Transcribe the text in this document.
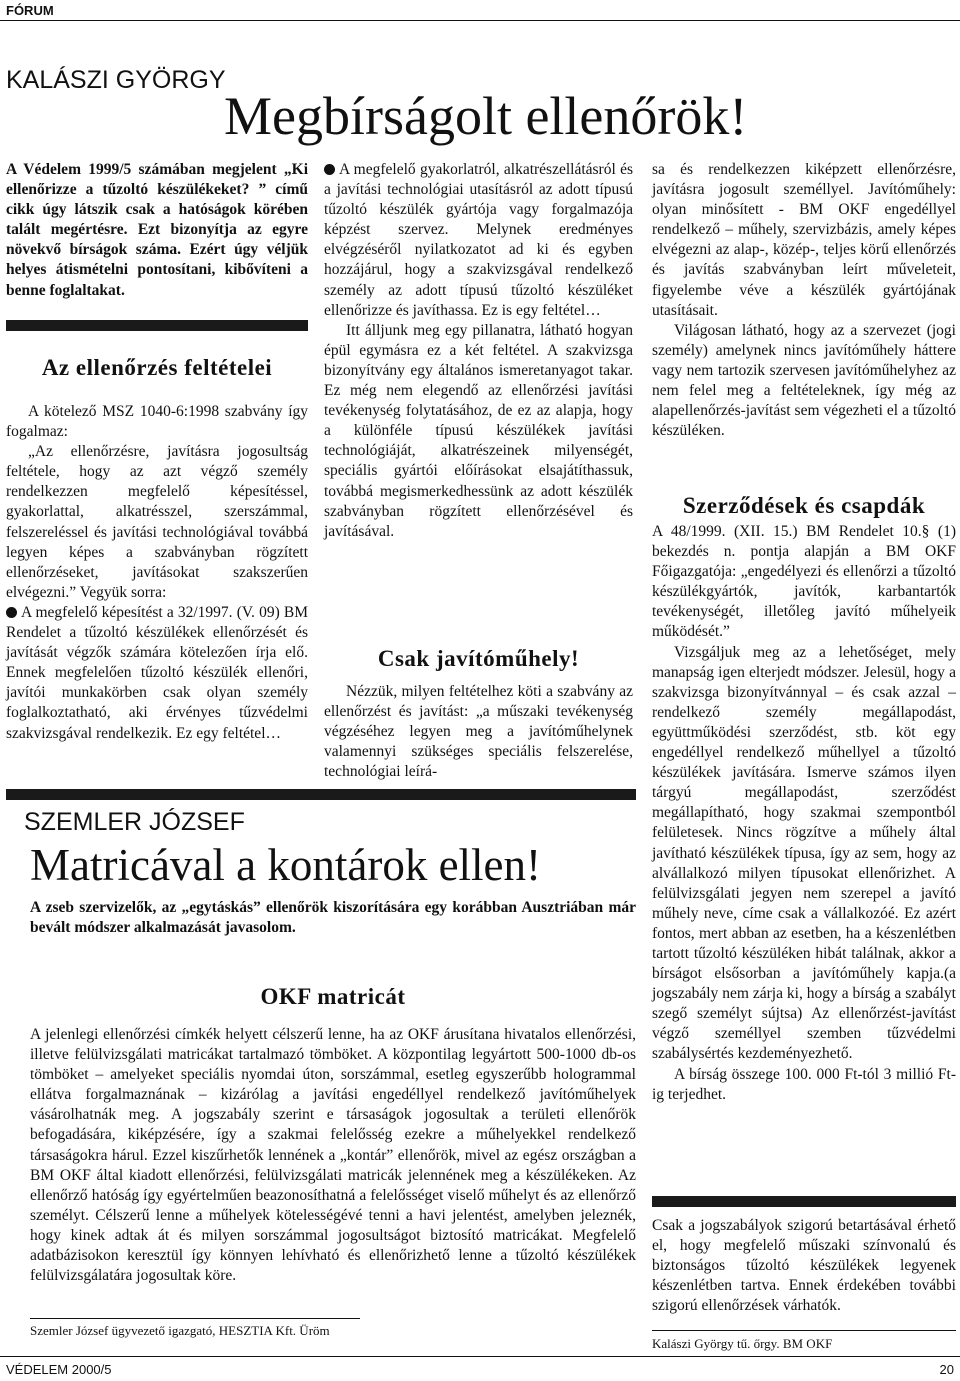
FÓRUM
KALÁSZI GYÖRGY
Megbírságolt ellenőrök!

A Védelem 1999/5 számában megjelent „Ki ellenőrizze a tűzoltó készülékeket? ” című cikk úgy látszik csak a hatóságok körében talált megértésre. Ezt bizonyítja az egyre növekvő bírságok száma. Ezért úgy véljük helyes átismételni pontosítani, kibővíteni a benne foglaltakat.

Az ellenőrzés feltételei

A kötelező MSZ 1040-6:1998 szabvány így fogalmaz:

„Az ellenőrzésre, javításra jogosultság feltétele, hogy az azt végző személy rendelkezzen megfelelő képesítéssel, gyakorlattal, alkatrésszel, szerszámmal, felszereléssel és javítási technológiával továbbá legyen képes a szabványban rögzített ellenőrzéseket, javításokat szakszerűen elvégezni.” Vegyük sorra:

A megfelelő képesítést a 32/1997. (V. 09) BM Rendelet a tűzoltó készülékek ellenőrzését és javítását végzők számára kötelezően írja elő. Ennek megfelelően tűzoltó készülék ellenőri, javítói munkakörben csak olyan személy foglalkoztatható, aki érvényes tűzvédelmi szakvizsgával rendelkezik. Ez egy feltétel…

A megfelelő gyakorlatról, alkatrészellátásról és a javítási technológiai utasításról az adott típusú tűzoltó készülék gyártója vagy forgalmazója képzést szervez. Melynek eredményes elvégzéséről nyilatkozatot ad ki és egyben hozzájárul, hogy a szakvizsgával rendelkező személy az adott típusú tűzoltó készüléket ellenőrizze és javíthassa. Ez is egy feltétel…

Itt álljunk meg egy pillanatra, látható hogyan épül egymásra ez a két feltétel. A szakvizsga bizonyítvány egy általános ismeretanyagot takar. Ez még nem elegendő az ellenőrzési javítási tevékenység folytatásához, de ez az alapja, hogy a különféle típusú készülékek javítási technológiáját, alkatrészeinek milyenségét, speciális gyártói előírásokat elsajátíthassuk, továbbá megismerkedhessünk az adott készülék szabványban rögzített ellenőrzésével és javításával.

Csak javítóműhely!

Nézzük, milyen feltételhez köti a szabvány az ellenőrzést és javítást: „a műszaki tevékenység végzéséhez legyen meg a javítóműhelynek valamennyi szükséges speciális felszerelése, technológiai leírá-

sa és rendelkezzen kiképzett ellenőrzésre, javításra jogosult személlyel. Javítóműhely: olyan minősített - BM OKF engedéllyel rendelkező – műhely, szervizbázis, amely képes elvégezni az alap-, közép-, teljes körű ellenőrzés és javítás szabványban leírt műveleteit, figyelembe véve a készülék gyártójának utasításait.

Világosan látható, hogy az a szervezet (jogi személy) amelynek nincs javítóműhely háttere vagy nem tartozik szervesen javítóműhelyhez az nem felel meg a feltételeknek, így még az alapellenőrzés-javítást sem végezheti el a tűzoltó készüléken.

Szerződések és csapdák

A 48/1999. (XII. 15.) BM Rendelet 10.§ (1) bekezdés n. pontja alapján a BM OKF Főigazgatója: „engedélyezi és ellenőrzi a tűzoltó készülékgyártók, javítók, karbantartók tevékenységét, illetőleg javító műhelyeik működését.”

Vizsgáljuk meg az a lehetőséget, mely manapság igen elterjedt módszer. Jelesül, hogy a szakvizsga bizonyítvánnyal – és csak azzal – rendelkező személy megállapodást, együttműködési szerződést, stb. köt egy engedéllyel rendelkező műhellyel a tűzoltó készülékek javítására. Ismerve számos ilyen tárgyú megállapodást, szerződést megállapítható, hogy szakmai szempontból felületesek. Nincs rögzítve a műhely által javítható készülékek típusa, így az sem, hogy az alvállalkozó milyen típusokat ellenőrizhet. A felülvizsgálati jegyen nem szerepel a javító műhely neve, címe csak a vállalkozóé. Ez azért fontos, mert abban az esetben, ha a készenlétben tartott tűzoltó készüléken hibát találnak, akkor a bírságot elsősorban a javítóműhely kapja.(a jogszabály nem zárja ki, hogy a bírság a szabályt szegő személyt sújtsa) Az ellenőrzést-javítást végző személlyel szemben tűzvédelmi szabálysértés kezdeményezhető.

A bírság összege 100. 000 Ft-tól 3 millió Ft-ig terjedhet.

Csak a jogszabályok szigorú betartásával érhető el, hogy megfelelő műszaki színvonalú és biztonságos tűzoltó készülékek legyenek készenlétben tartva. Ennek érdekében további szigorú ellenőrzések várhatók.
Kalászi György tű. őrgy. BM OKF
SZEMLER JÓZSEF
Matricával a kontárok ellen!
A zseb szervizelők, az „egytáskás” ellenőrök kiszorítására egy korábban Ausztriában már bevált módszer alkalmazását javasolom.
OKF matricát
A jelenlegi ellenőrzési címkék helyett célszerű lenne, ha az OKF árusítana hivatalos ellenőrzési, illetve felülvizsgálati matricákat tartalmazó tömböket. A központilag legyártott 500-1000 db-os tömböket – amelyeket speciális nyomdai úton, sorszámmal, esetleg egyszerűbb hologrammal ellátva forgalmaznának – kizárólag a javítási engedéllyel rendelkező javítóműhelyek vásárolhatnák meg. A jogszabály szerint e társaságok jogosultak a területi ellenőrök befogadására, kiképzésére, így a szakmai felelősség ezekre a műhelyekkel rendelkező társaságokra hárul. Ezzel kiszűrhetők lennének a „kontár” ellenőrök, mivel az egész országban a BM OKF által kiadott ellenőrzési, felülvizsgálati matricák jelennének meg a készülékeken. Az ellenőrző hatóság így egyértelműen beazonosíthatná a felelősséget viselő műhelyt és az ellenőrző személyt. Célszerű lenne a műhelyek kötelességévé tenni a havi jelentést, amelyben jeleznék, hogy kinek adtak át és milyen sorszámmal jogosultságot biztosító matricákat. Megfelelő adatbázisokon keresztül így könnyen lehívható és ellenőrizhető lenne a tűzoltó készülékek felülvizsgálatára jogosultak köre.
Szemler József ügyvezető igazgató, HESZTIA Kft. Üröm
VÉDELEM 2000/5	20
